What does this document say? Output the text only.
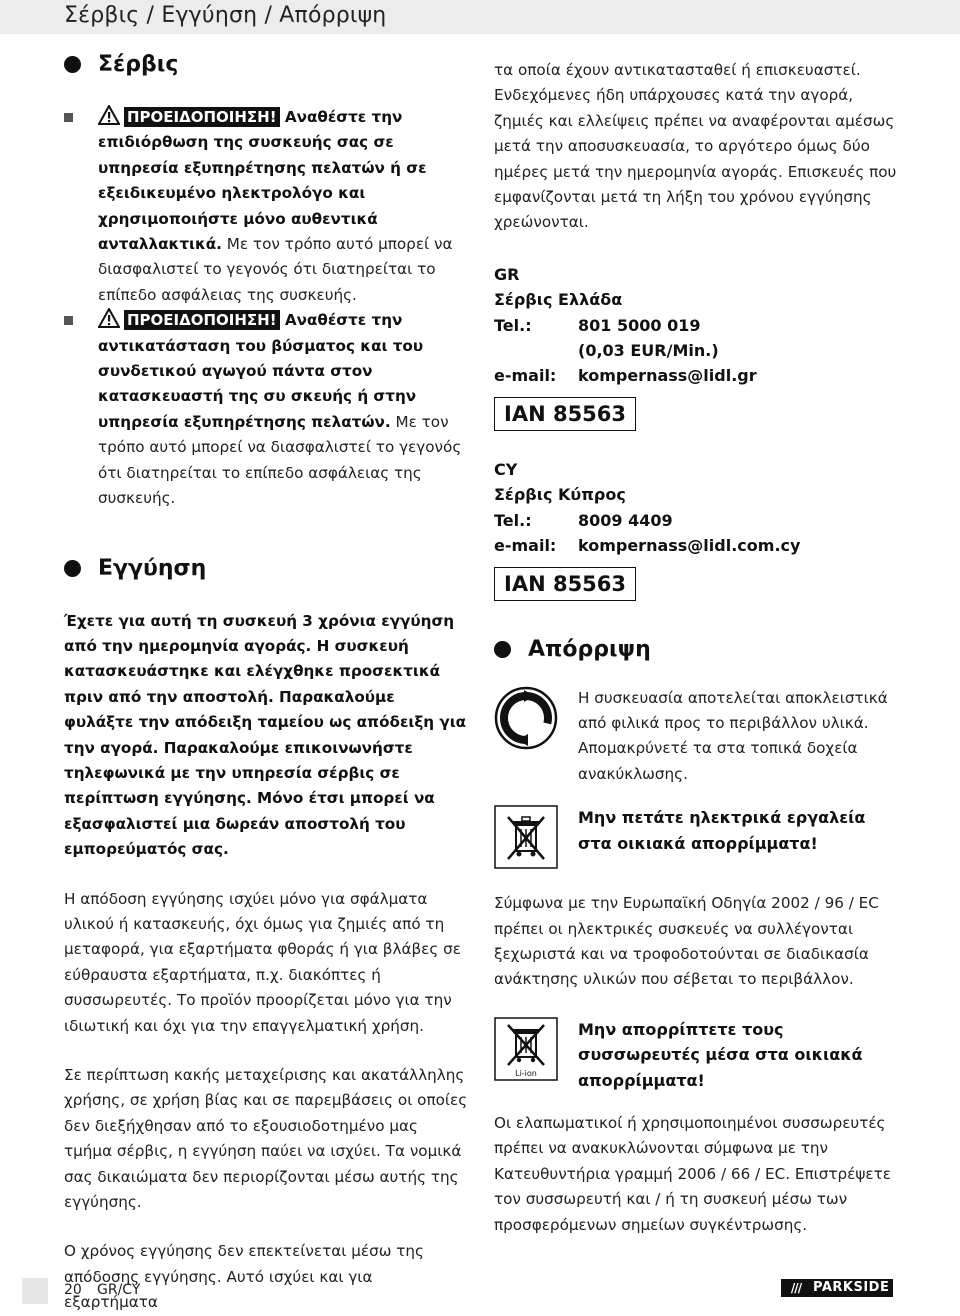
Σέρβις / Εγγύηση / Απόρριψη
Σέρβις

ΠΡΟΕΙΔΟΠΟΙΗΣΗ! Αναθέστε την επιδιόρθωση της συσκευής σας σε υπηρεσία εξυπηρέτησης πελατών ή σε εξειδικευμένο ηλεκτρολόγο και χρησιμοποιήστε μόνο αυθεντικά ανταλλακτικά. Με τον τρόπο αυτό μπορεί να διασφαλιστεί το γεγονός ότι διατηρείται το επίπεδο ασφάλειας της συσκευής.

ΠΡΟΕΙΔΟΠΟΙΗΣΗ! Αναθέστε την αντικατάσταση του βύσματος και του συνδετικού αγωγού πάντα στον κατασκευαστή της συ σκευής ή στην υπηρεσία εξυπηρέτησης πελατών. Με τον τρόπο αυτό μπορεί να διασφαλιστεί το γεγονός ότι διατηρείται το επίπεδο ασφάλειας της συσκευής.

Εγγύηση

Έχετε για αυτή τη συσκευή 3 χρόνια εγγύηση από την ημερομηνία αγοράς. Η συσκευή κατασκευάστηκε και ελέγχθηκε προσεκτικά πριν από την αποστολή. Παρακαλούμε φυλάξτε την απόδειξη ταμείου ως απόδειξη για την αγορά. Παρακαλούμε επικοινωνήστε τηλεφωνικά με την υπηρεσία σέρβις σε περίπτωση εγγύησης. Μόνο έτσι μπορεί να εξασφαλιστεί μια δωρεάν αποστολή του εμπορεύματός σας.

Η απόδοση εγγύησης ισχύει μόνο για σφάλματα υλικού ή κατασκευής, όχι όμως για ζημιές από τη μεταφορά, για εξαρτήματα φθοράς ή για βλάβες σε εύθραυστα εξαρτήματα, π.χ. διακόπτες ή συσσωρευτές. Το προϊόν προορίζεται μόνο για την ιδιωτική και όχι για την επαγγελματική χρήση.

Σε περίπτωση κακής μεταχείρισης και ακατάλληλης χρήσης, σε χρήση βίας και σε παρεμβάσεις οι οποίες δεν διεξήχθησαν από το εξουσιοδοτημένο μας τμήμα σέρβις, η εγγύηση παύει να ισχύει. Τα νομικά σας δικαιώματα δεν περιορίζονται μέσω αυτής της εγγύησης.

Ο χρόνος εγγύησης δεν επεκτείνεται μέσω της απόδοσης εγγύησης. Αυτό ισχύει και για εξαρτήματα

τα οποία έχουν αντικατασταθεί ή επισκευαστεί. Ενδεχόμενες ήδη υπάρχουσες κατά την αγορά, ζημιές και ελλείψεις πρέπει να αναφέρονται αμέσως μετά την αποσυσκευασία, το αργότερο όμως δύο ημέρες μετά την ημερομηνία αγοράς. Επισκευές που εμφανίζονται μετά τη λήξη του χρόνου εγγύησης χρεώνονται.

GR
Σέρβις Ελλάδα
Tel.:	801 5000 019
(0,03 EUR/Min.)
e-mail:	kompernass@lidl.gr
IAN 85563
CY
Σέρβις Κύπρος
Tel.:	8009 4409
e-mail:	kompernass@lidl.com.cy
IAN 85563
Απόρριψη

Η συσκευασία αποτελείται αποκλειστικά από φιλικά προς το περιβάλλον υλικά. Απομακρύνετέ τα στα τοπικά δοχεία ανακύκλωσης.

Μην πετάτε ηλεκτρικά εργαλεία στα οικιακά απορρίμματα!

Σύμφωνα με την Ευρωπαϊκή Οδηγία 2002 / 96 / EC πρέπει οι ηλεκτρικές συσκευές να συλλέγονται ξεχωριστά και να τροφοδοτούνται σε διαδικασία ανάκτησης υλικών που σέβεται το περιβάλλον.

Li-ion

Μην απορρίπτετε τους συσσωρευτές μέσα στα οικιακά απορρίμματα!

Οι ελαπωματικοί ή χρησιμοποιημένοι συσσωρευτές πρέπει να ανακυκλώνονται σύμφωνα με την Κατευθυντήρια γραμμή 2006 / 66 / EC. Επιστρέψετε τον συσσωρευτή και / ή τη συσκευή μέσω των προσφερόμενων σημείων συγκέντρωσης.

20 GR/CY	/// PARKSIDE
